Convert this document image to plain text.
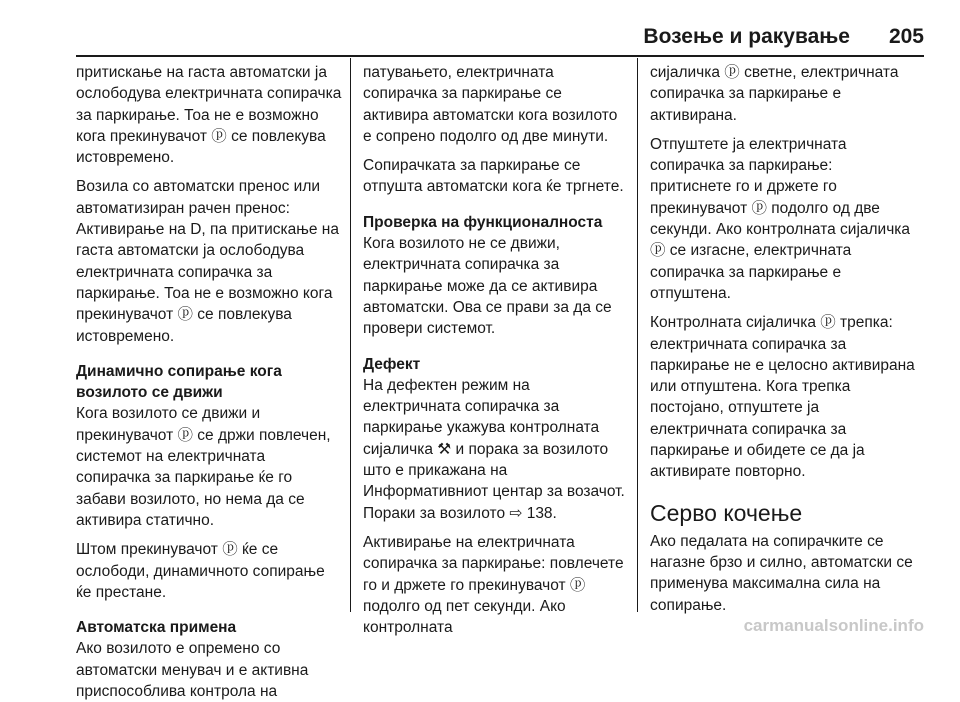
Возење и ракување 205

притискање на гаста автоматски ја ослободува електричната сопирачка за паркирање. Тоа не е возможно кога прекинувачот ⓟ се повлекува истовремено.

Возила со автоматски пренос или автоматизиран рачен пренос: Активирање на D, па притискање на гаста автоматски ја ослободува електричната сопирачка за паркирање. Тоа не е возможно кога прекинувачот ⓟ се повлекува истовремено.

Динамично сопирање кога возилото се движи

Кога возилото се движи и прекинувачот ⓟ се држи повлечен, системот на електричната сопирачка за паркирање ќе го забави возилото, но нема да се активира статично.

Штом прекинувачот ⓟ ќе се ослободи, динамичното сопирање ќе престане.

Автоматска примена

Ако возилото е опремено со автоматски менувач и е активна приспособлива контрола на

патувањето, електричната сопирачка за паркирање се активира автоматски кога возилото е сопрено подолго од две минути.

Сопирачката за паркирање се отпушта автоматски кога ќе тргнете.

Проверка на функционалноста

Кога возилото не се движи, електричната сопирачка за паркирање може да се активира автоматски. Ова се прави за да се провери системот.

Дефект

На дефектен режим на електричната сопирачка за паркирање укажува контролната сијаличка ⚒ и порака за возилото што е прикажана на Информативниот центар за возачот. Пораки за возилото ⇨ 138.

Активирање на електричната сопирачка за паркирање: повлечете го и држете го прекинувачот ⓟ подолго од пет секунди. Ако контролната

сијаличка ⓟ светне, електричната сопирачка за паркирање е активирана.

Отпуштете ја електричната сопирачка за паркирање: притиснете го и држете го прекинувачот ⓟ подолго од две секунди. Ако контролната сијаличка ⓟ се изгасне, електричната сопирачка за паркирање е отпуштена.

Контролната сијаличка ⓟ трепка: електричната сопирачка за паркирање не е целосно активирана или отпуштена. Кога трепка постојано, отпуштете ја електричната сопирачка за паркирање и обидете се да ја активирате повторно.

Серво кочење

Ако педалата на сопирачките се нагазне брзо и силно, автоматски се применува максимална сила на сопирање.

carmanualsonline.info
